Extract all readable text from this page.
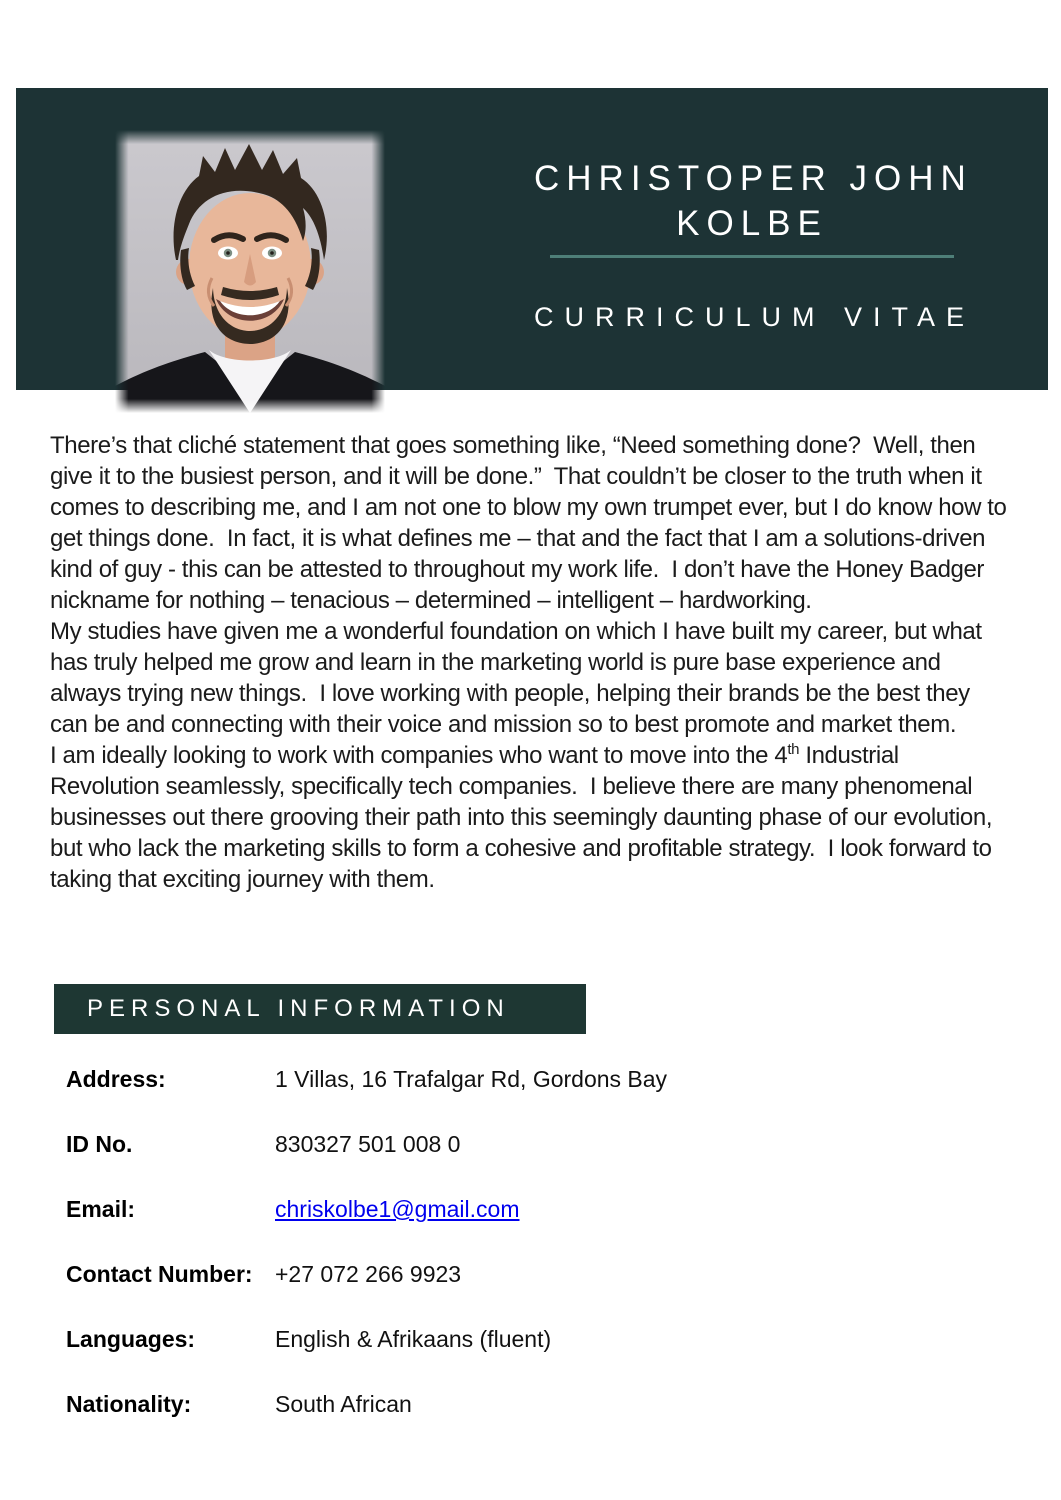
CHRISTOPER JOHN
KOLBE
CURRICULUM VITAE

There’s that cliché statement that goes something like, “Need something done?  Well, then give it to the busiest person, and it will be done.”  That couldn’t be closer to the truth when it comes to describing me, and I am not one to blow my own trumpet ever, but I do know how to get things done.  In fact, it is what defines me – that and the fact that I am a solutions-driven kind of guy - this can be attested to throughout my work life.  I don’t have the Honey Badger nickname for nothing – tenacious – determined – intelligent – hardworking.

My studies have given me a wonderful foundation on which I have built my career, but what has truly helped me grow and learn in the marketing world is pure base experience and always trying new things.  I love working with people, helping their brands be the best they can be and connecting with their voice and mission so to best promote and market them.

I am ideally looking to work with companies who want to move into the 4th Industrial Revolution seamlessly, specifically tech companies.  I believe there are many phenomenal businesses out there grooving their path into this seemingly daunting phase of our evolution, but who lack the marketing skills to form a cohesive and profitable strategy.  I look forward to taking that exciting journey with them.

PERSONAL INFORMATION
Address:	1 Villas, 16 Trafalgar Rd, Gordons Bay
ID No.	830327 501 008 0
Email:	chriskolbe1@gmail.com
Contact Number: +27 072 266 9923
Languages:	English & Afrikaans (fluent)
Nationality:	South African
